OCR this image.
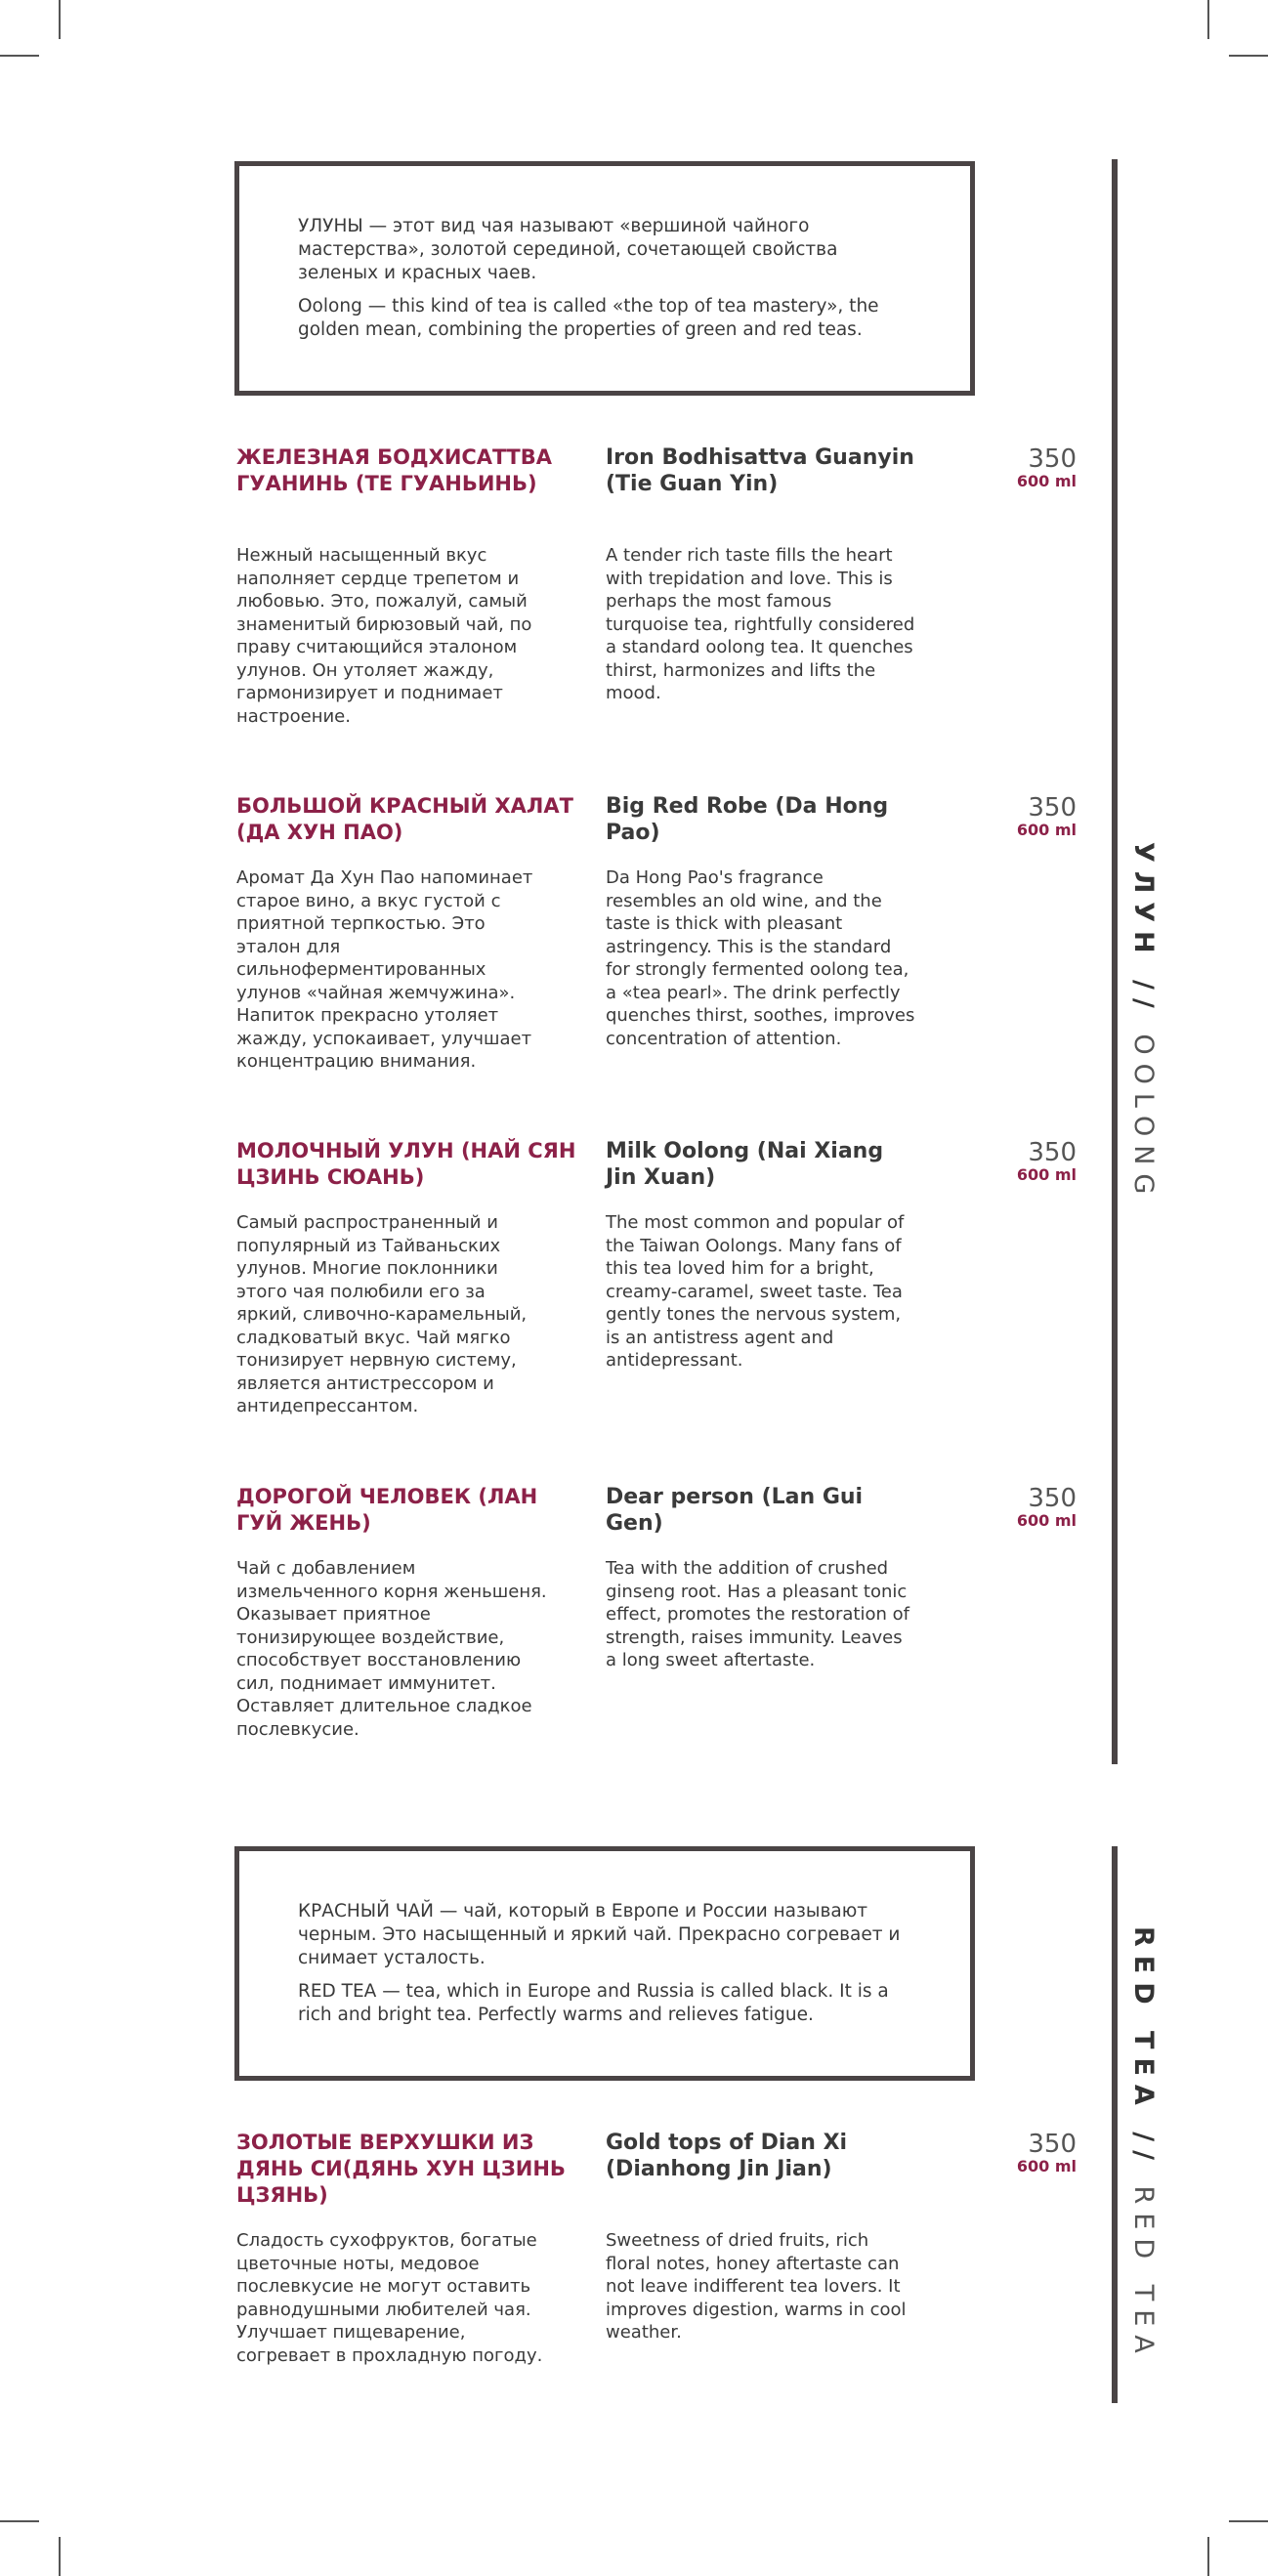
УЛУНЫ — этот вид чая называют «вершиной чайного мастерства», золотой серединой, сочетающей свойства зеленых и красных чаев.

Oolong — this kind of tea is called «the top of tea mastery», the golden mean, combining the properties of green and red teas.

УЛУН // OOLONG
ЖЕЛЕЗНАЯ БОДХИСАТТВА ГУАНИНЬ (ТЕ ГУАНЬИНЬ)

Нежный насыщенный вкус наполняет сердце трепетом и любовью. Это, пожалуй, самый знаменитый бирюзовый чай, по праву считающийся эталоном улунов. Он утоляет жажду, гармонизирует и поднимает настроение.

Iron Bodhisattva Guanyin (Tie Guan Yin)

A tender rich taste fills the heart with trepidation and love. This is perhaps the most famous turquoise tea, rightfully considered a standard oolong tea. It quenches thirst, harmonizes and lifts the mood.

350
600 ml
БОЛЬШОЙ КРАСНЫЙ ХАЛАТ (ДА ХУН ПАО)

Аромат Да Хун Пао напоминает старое вино, а вкус густой с приятной терпкостью. Это эталон для сильноферментированных улунов «чайная жемчужина». Напиток прекрасно утоляет жажду, успокаивает, улучшает концентрацию внимания.

Big Red Robe (Da Hong Pao)

Da Hong Pao's fragrance resembles an old wine, and the taste is thick with pleasant astringency. This is the standard for strongly fermented oolong tea, a «tea pearl». The drink perfectly quenches thirst, soothes, improves concentration of attention.

350
600 ml
МОЛОЧНЫЙ УЛУН (НАЙ СЯН ЦЗИНЬ СЮАНЬ)

Самый распространенный и популярный из Тайваньских улунов. Многие поклонники этого чая полюбили его за яркий, сливочно-карамельный, сладковатый вкус. Чай мягко тонизирует нервную систему, является антистрессором и антидепрессантом.

Milk Oolong (Nai Xiang Jin Xuan)

The most common and popular of the Taiwan Oolongs. Many fans of this tea loved him for a bright, creamy-caramel, sweet taste. Tea gently tones the nervous system, is an antistress agent and antidepressant.

350
600 ml
ДОРОГОЙ ЧЕЛОВЕК (ЛАН ГУЙ ЖЕНЬ)

Чай с добавлением измельченного корня женьшеня. Оказывает приятное тонизирующее воздействие, способствует восстановлению сил, поднимает иммунитет. Оставляет длительное сладкое послевкусие.

Dear person (Lan Gui Gen)

Tea with the addition of crushed ginseng root. Has a pleasant tonic effect, promotes the restoration of strength, raises immunity. Leaves a long sweet aftertaste.

350
600 ml

КРАСНЫЙ ЧАЙ — чай, который в Европе и России называют черным. Это насыщенный и яркий чай. Прекрасно согревает и снимает усталость.

RED TEA — tea, which in Europe and Russia is called black. It is a rich and bright tea. Perfectly warms and relieves fatigue.	RED TEA // RED TEA
ЗОЛОТЫЕ ВЕРХУШКИ ИЗ ДЯНЬ СИ(ДЯНЬ ХУН ЦЗИНЬ ЦЗЯНЬ)

Сладость сухофруктов, богатые цветочные ноты, медовое послевкусие не могут оставить равнодушными любителей чая. Улучшает пищеварение, согревает в прохладную погоду.

Gold tops of Dian Xi (Dianhong Jin Jian)

Sweetness of dried fruits, rich floral notes, honey aftertaste can not leave indifferent tea lovers. It improves digestion, warms in cool weather.

350
600 ml
